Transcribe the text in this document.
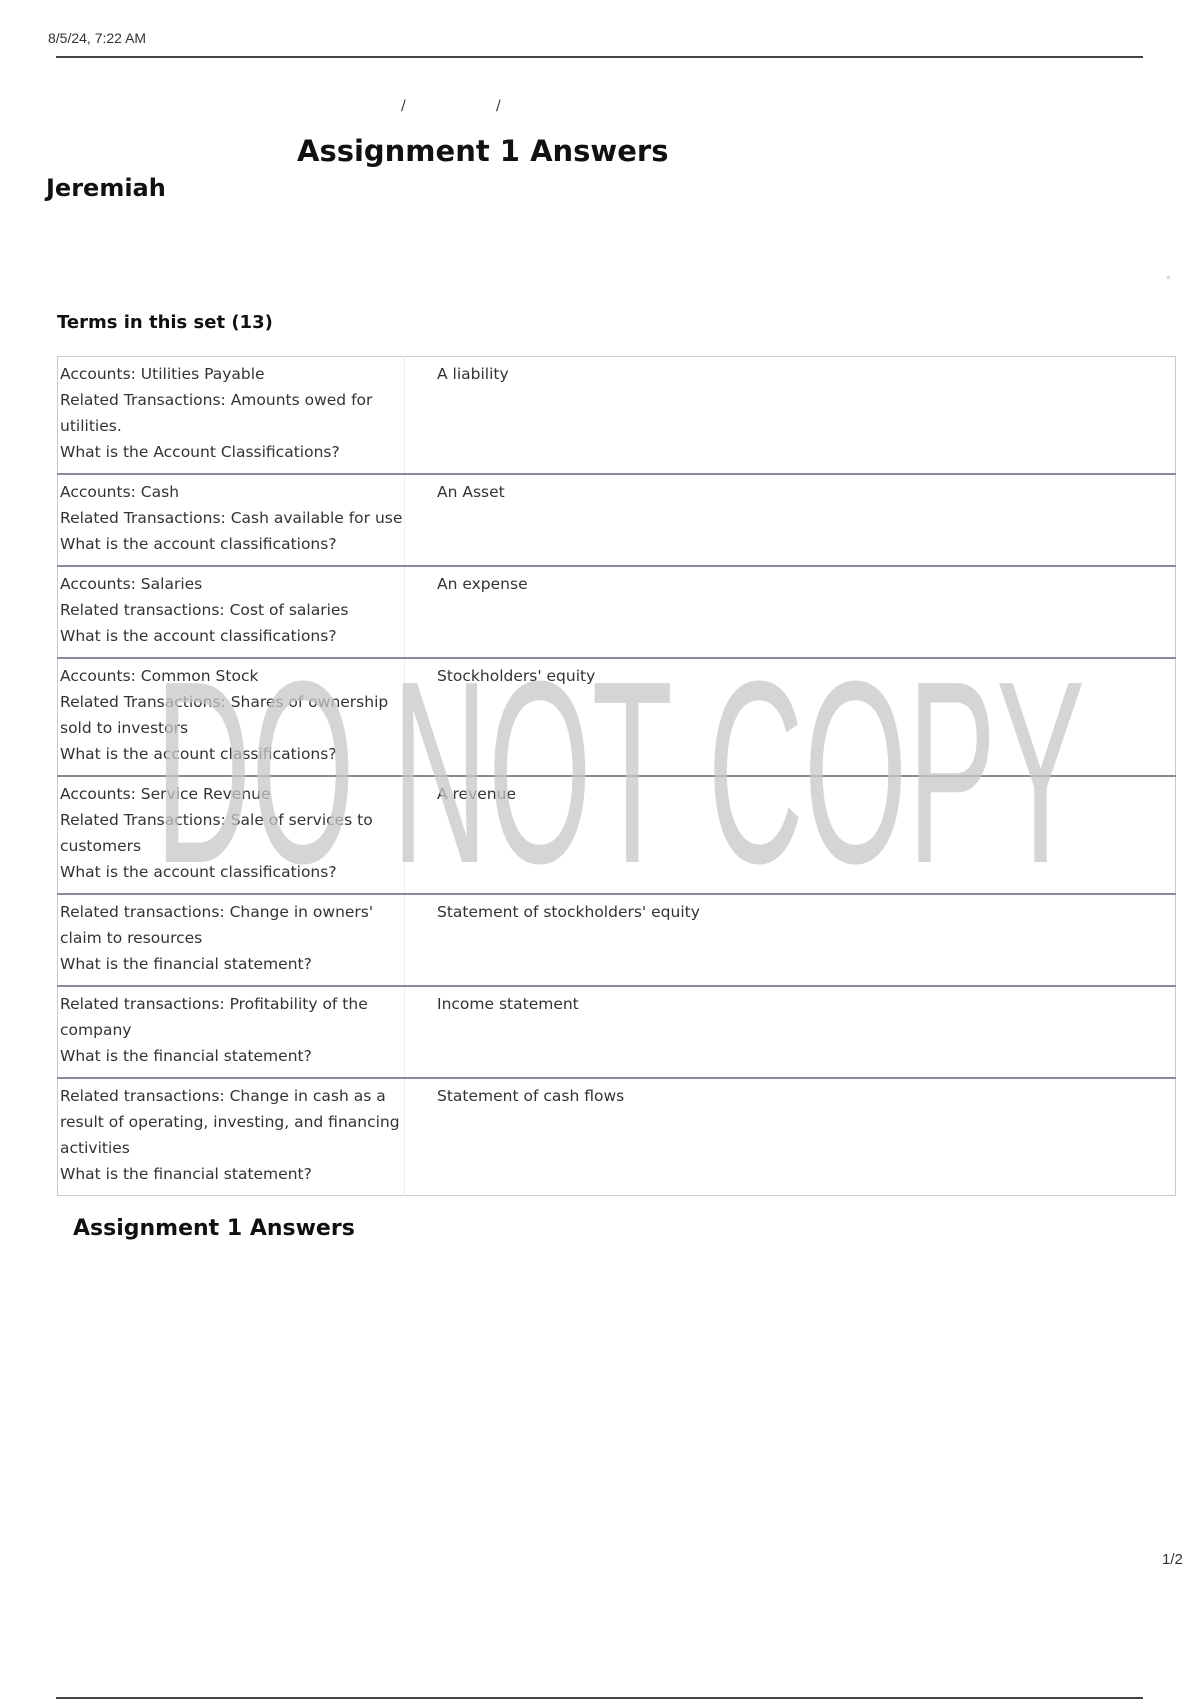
8/5/24, 7:22 AM
/	/
Assignment 1 Answers
Jeremiah
Terms in this set (13)
Accounts: Utilities Payable
Related Transactions: Amounts owed for
utilities.
What is the Account Classifications?	A liability

Accounts: Cash
Related Transactions: Cash available for use
What is the account classifications?	An Asset

Accounts: Salaries
Related transactions: Cost of salaries
What is the account classifications?	An expense

Accounts: Common Stock
Related Transactions: Shares of ownership
sold to investors
What is the account classifications?	Stockholders' equity

Accounts: Service Revenue
Related Transactions: Sale of services to
customers
What is the account classifications?	A revenue

Related transactions: Change in owners'
claim to resources
What is the financial statement?	Statement of stockholders' equity

Related transactions: Profitability of the
company
What is the financial statement?	Income statement

Related transactions: Change in cash as a
result of operating, investing, and financing
activities
What is the financial statement?	Statement of cash flows
DO NOT COPY
Assignment 1 Answers
1/2
